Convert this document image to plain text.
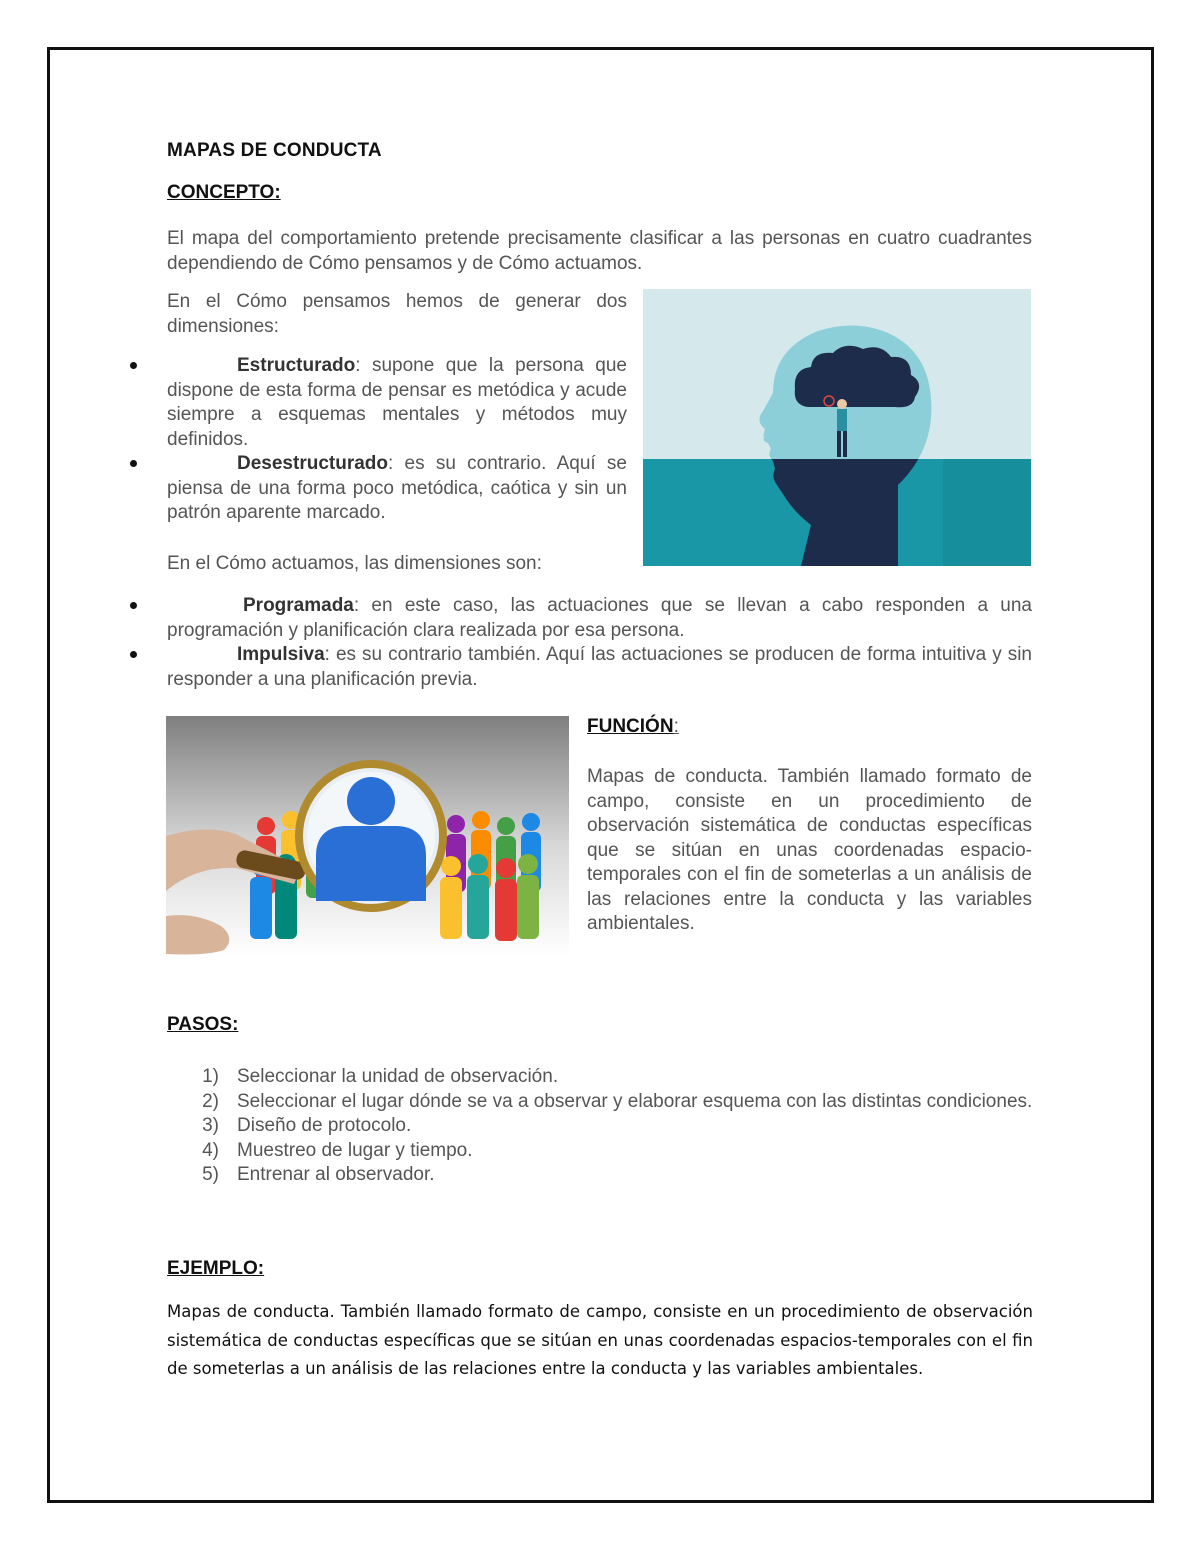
MAPAS DE CONDUCTA
CONCEPTO:
El mapa del comportamiento pretende precisamente clasificar a las personas en cuatro cuadrantes dependiendo de Cómo pensamos y de Cómo actuamos.
En el Cómo pensamos hemos de generar dos dimensiones:
Estructurado: supone que la persona que dispone de esta forma de pensar es metódica y acude siempre a esquemas mentales y métodos muy definidos.
Desestructurado: es su contrario. Aquí se piensa de una forma poco metódica, caótica y sin un patrón aparente marcado.
En el Cómo actuamos, las dimensiones son:
Programada: en este caso, las actuaciones que se llevan a cabo responden a una programación y planificación clara realizada por esa persona.
Impulsiva: es su contrario también. Aquí las actuaciones se producen de forma intuitiva y sin responder a una planificación previa.
FUNCIÓN:
Mapas de conducta. También llamado formato de campo, consiste en un procedimiento de observación sistemática de conductas específicas que se sitúan en unas coordenadas espacio-temporales con el fin de someterlas a un análisis de las relaciones entre la conducta y las variables ambientales.
PASOS:
1) Seleccionar la unidad de observación.
2) Seleccionar el lugar dónde se va a observar y elaborar esquema con las distintas condiciones.
3) Diseño de protocolo.
4) Muestreo de lugar y tiempo.
5) Entrenar al observador.
EJEMPLO:
Mapas de conducta. También llamado formato de campo, consiste en un procedimiento de observación sistemática de conductas específicas que se sitúan en unas coordenadas espacios-temporales con el fin de someterlas a un análisis de las relaciones entre la conducta y las variables ambientales.
